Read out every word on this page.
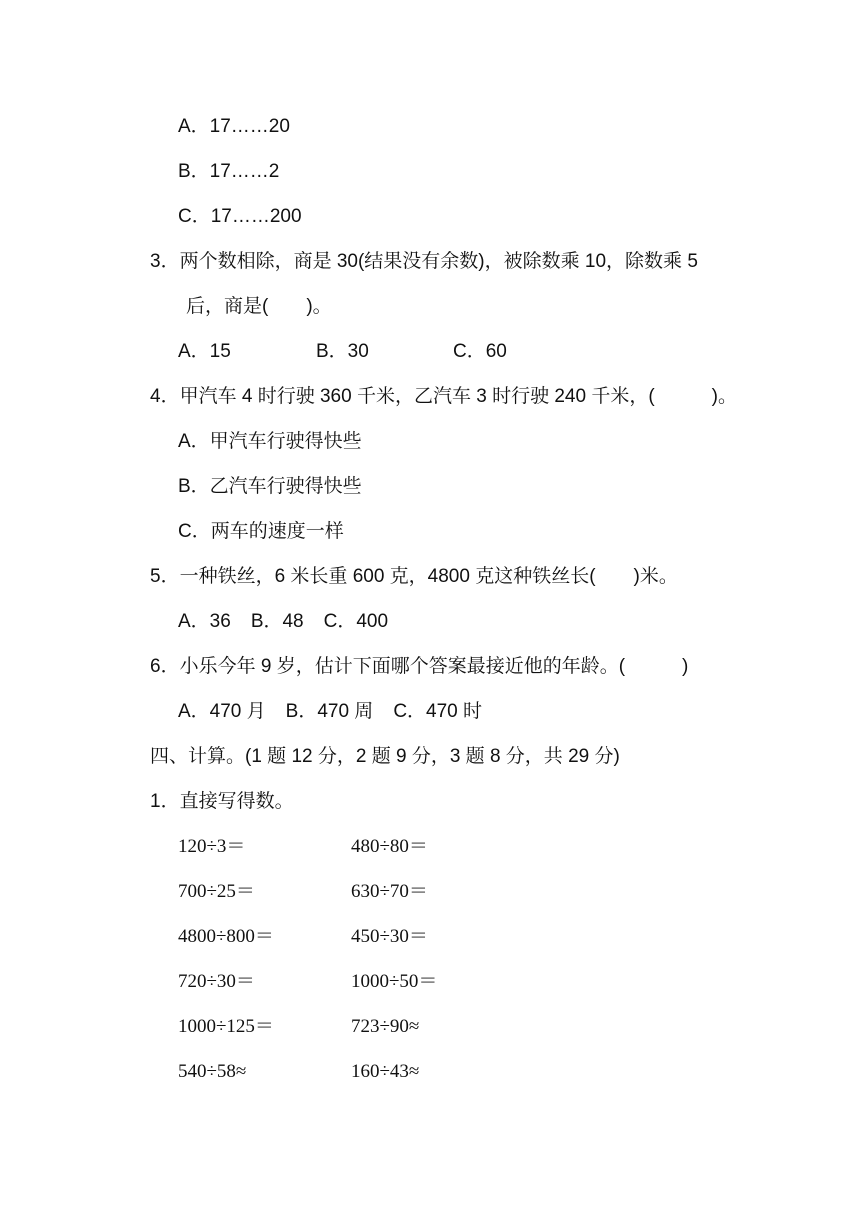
A．17……20
B．17……2
C．17……200
3．两个数相除，商是 30(结果没有余数)，被除数乘 10，除数乘 5
后，商是(　　)。
A．15	B．30	C．60
4．甲汽车 4 时行驶 360 千米，乙汽车 3 时行驶 240 千米，(　　　)。
A．甲汽车行驶得快些
B．乙汽车行驶得快些
C．两车的速度一样
5．一种铁丝，6 米长重 600 克，4800 克这种铁丝长(　　)米。
A．36 B．48 C．400
6．小乐今年 9 岁，估计下面哪个答案最接近他的年龄。(　　　)
A．470 月 B．470 周 C．470 时
四、计算。(1 题 12 分，2 题 9 分，3 题 8 分，共 29 分)
1．直接写得数。
120÷3＝	480÷80＝
700÷25＝	630÷70＝
4800÷800＝	450÷30＝
720÷30＝	1000÷50＝
1000÷125＝	723÷90≈
540÷58≈	160÷43≈
